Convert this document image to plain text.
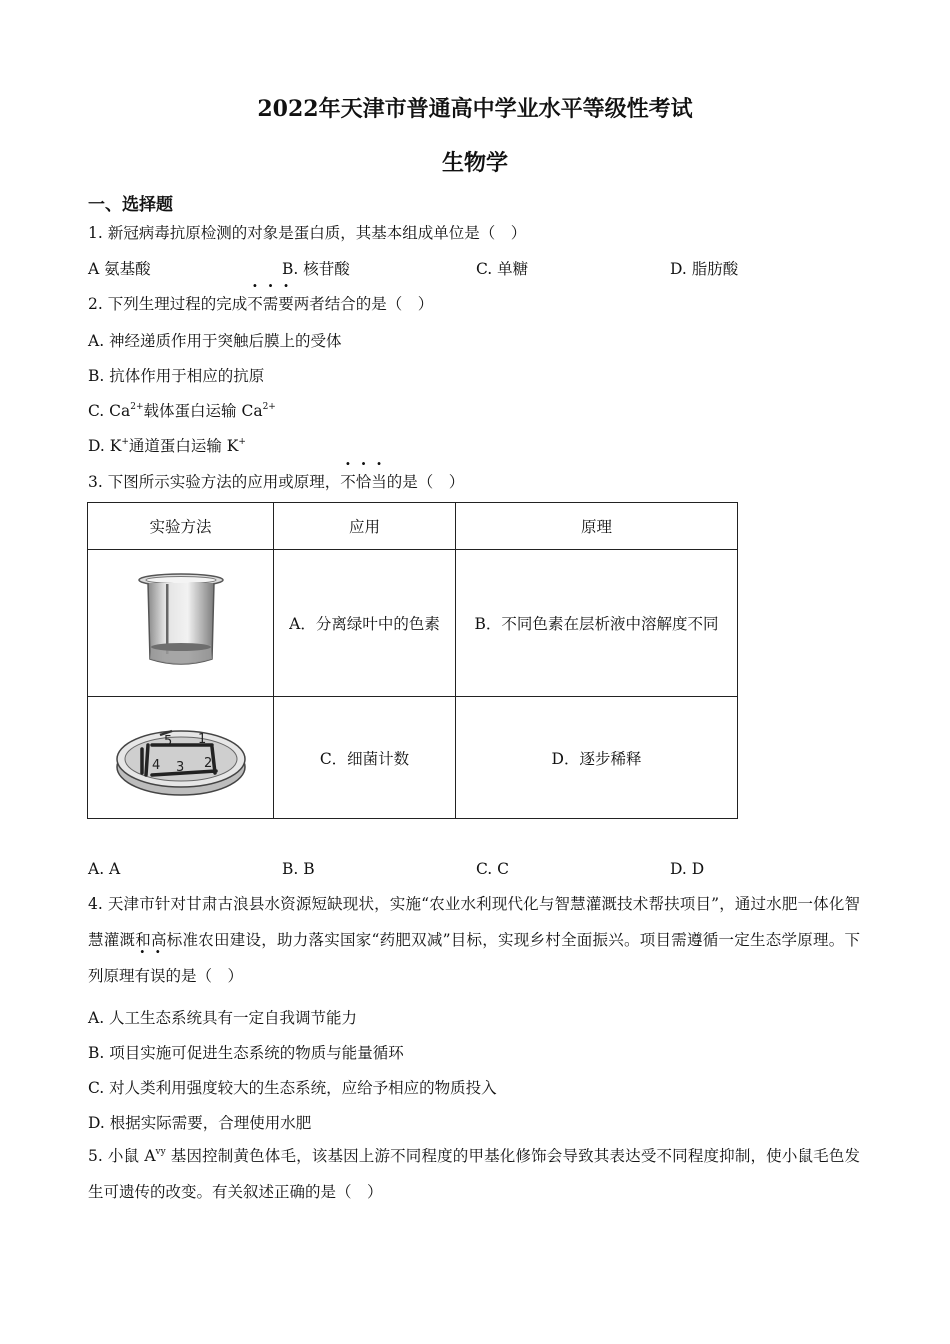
2022年天津市普通高中学业水平等级性考试
生物学
一、选择题
1. 新冠病毒抗原检测的对象是蛋白质，其基本组成单位是（　）
A 氨基酸	B. 核苷酸	C. 单糖	D. 脂肪酸
2. 下列生理过程的完成不需要两者结合的是（　）
A. 神经递质作用于突触后膜上的受体
B. 抗体作用于相应的抗原
C. $Ca^{2+}$载体蛋白运输 $Ca^{2+}$
D. K+通道蛋白运输 K+
3. 下图所示实验方法的应用或原理，不恰当的是（　）
实验方法	应用	原理

	A．分离绿叶中的色素	B．不同色素在层析液中溶解度不同

5
4 3 2
1	C．细菌计数	D．逐步稀释
A. A	B. B	C. C	D. D
4. 天津市针对甘肃古浪县水资源短缺现状，实施“农业水利现代化与智慧灌溉技术帮扶项目”，通过水肥一体化智慧灌溉和高标准农田建设，助力落实国家“药肥双减”目标，实现乡村全面振兴。项目需遵循一定生态学原理。下列原理有误的是（　）
A. 人工生态系统具有一定自我调节能力
B. 项目实施可促进生态系统的物质与能量循环
C. 对人类利用强度较大的生态系统，应给予相应的物质投入
D. 根据实际需要，合理使用水肥
5. 小鼠 $A^{vy}$ 基因控制黄色体毛，该基因上游不同程度的甲基化修饰会导致其表达受不同程度抑制，使小鼠毛色发生可遗传的改变。有关叙述正确的是（　）
